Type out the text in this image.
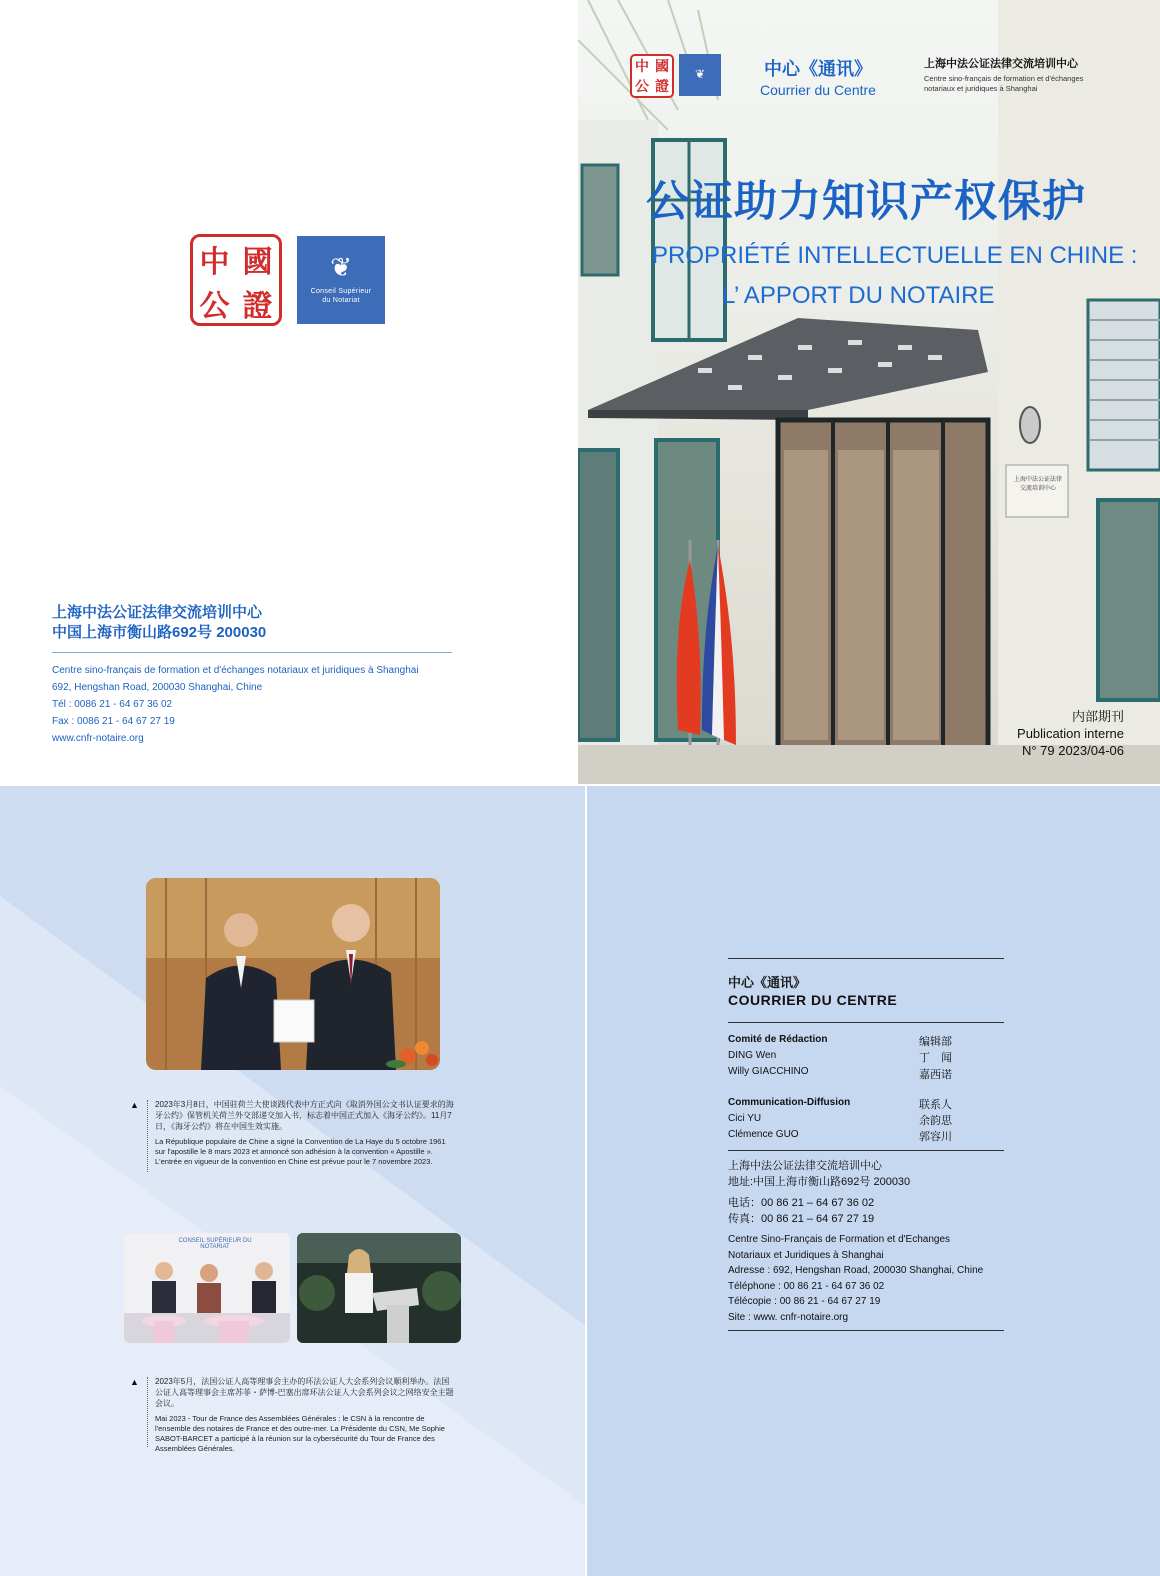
中 國
公 證
❦
Conseil Supérieur
du Notariat
上海中法公证法律交流培训中心
中国上海市衡山路692号 200030
Centre sino-français de formation et d'échanges notariaux et juridiques à Shanghai
692, Hengshan Road, 200030 Shanghai, Chine
Tél : 0086 21 - 64 67 36 02
Fax : 0086 21 - 64 67 27 19
www.cnfr-notaire.org
上海中法公证法律
交流培训中心
中 國
公 證
❦	中心《通讯》
Courrier du Centre
上海中法公证法律交流培训中心
Centre sino-français de formation et d'échanges notariaux et juridiques à Shanghai
公证助力知识产权保护
PROPRIÉTÉ INTELLECTUELLE EN CHINE :
L’ APPORT DU NOTAIRE
内部期刊
Publication interne
N° 79 2023/04-06
▲ 2023年3月8日，中国驻荷兰大使谈践代表中方正式向《取消外国公文书认证要求的海牙公约》保管机关荷兰外交部递交加入书，标志着中国正式加入《海牙公约》。11月7日，《海牙公约》将在中国生效实施。
La République populaire de Chine a signé la Convention de La Haye du 5 octobre 1961 sur l'apostille le 8 mars 2023 et annoncé son adhésion à la convention « Apostille ». L'entrée en vigueur de la convention en Chine est prévue pour le 7 novembre 2023.
CONSEIL SUPÉRIEUR DU NOTARIAT
▲ 2023年5月，法国公证人高等理事会主办的环法公证人大会系列会议顺利举办。法国公证人高等理事会主席苏菲・萨博-巴塞出席环法公证人大会系列会议之网络安全主题会议。
Mai 2023 - Tour de France des Assemblées Générales : le CSN à la rencontre de l'ensemble des notaires de France et des outre-mer. La Présidente du CSN, Me Sophie SABOT-BARCET a participé à la réunion sur la cybersécurité du Tour de France des Assemblées Générales.
中心《通讯》
COURRIER DU CENTRE
Comité de Rédaction	编辑部
DING Wen	丁　闻
Willy GIACCHINO	嘉西诺
Communication-Diffusion	联系人
Cici YU	余韵思
Clémence GUO	郭容川
上海中法公证法律交流培训中心
地址:中国上海市衡山路692号 200030
电话：00 86 21 – 64 67 36 02
传真：00 86 21 – 64 67 27 19
Centre Sino-Français de Formation et d'Echanges
Notariaux et Juridiques à Shanghai
Adresse : 692, Hengshan Road, 200030 Shanghai, Chine
Téléphone : 00 86 21 - 64 67 36 02
Télécopie : 00 86 21 - 64 67 27 19
Site : www. cnfr-notaire.org
